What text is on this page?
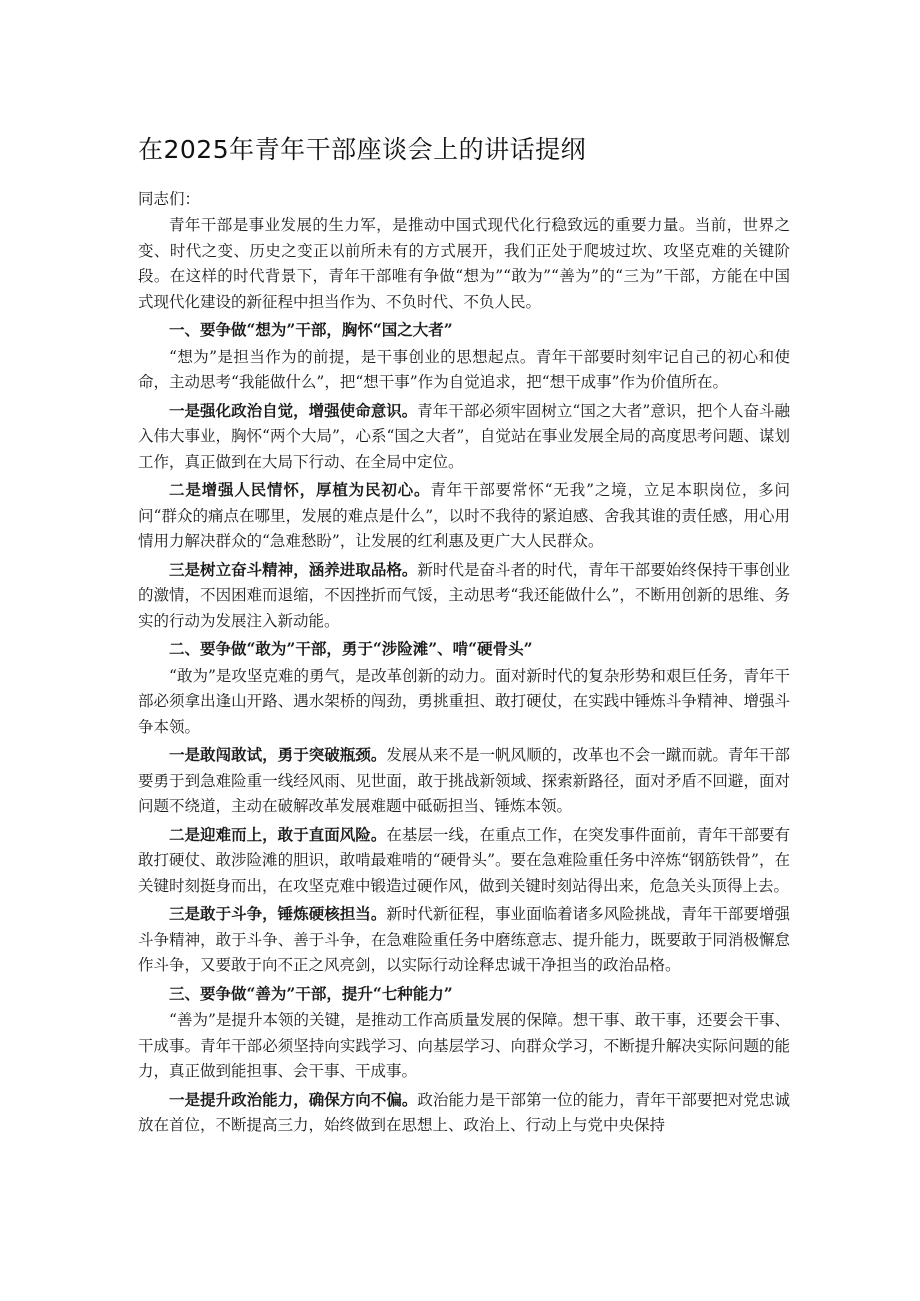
在2025年青年干部座谈会上的讲话提纲

同志们：

青年干部是事业发展的生力军，是推动中国式现代化行稳致远的重要力量。当前，世界之变、时代之变、历史之变正以前所未有的方式展开，我们正处于爬坡过坎、攻坚克难的关键阶段。在这样的时代背景下，青年干部唯有争做“想为”“敢为”“善为”的“三为”干部，方能在中国式现代化建设的新征程中担当作为、不负时代、不负人民。

一、要争做“想为”干部，胸怀“国之大者”

“想为”是担当作为的前提，是干事创业的思想起点。青年干部要时刻牢记自己的初心和使命，主动思考“我能做什么”，把“想干事”作为自觉追求，把“想干成事”作为价值所在。

一是强化政治自觉，增强使命意识。青年干部必须牢固树立“国之大者”意识，把个人奋斗融入伟大事业，胸怀“两个大局”，心系“国之大者”，自觉站在事业发展全局的高度思考问题、谋划工作，真正做到在大局下行动、在全局中定位。

二是增强人民情怀，厚植为民初心。青年干部要常怀“无我”之境，立足本职岗位，多问问“群众的痛点在哪里，发展的难点是什么”，以时不我待的紧迫感、舍我其谁的责任感，用心用情用力解决群众的“急难愁盼”，让发展的红利惠及更广大人民群众。

三是树立奋斗精神，涵养进取品格。新时代是奋斗者的时代，青年干部要始终保持干事创业的激情，不因困难而退缩，不因挫折而气馁，主动思考“我还能做什么”，不断用创新的思维、务实的行动为发展注入新动能。

二、要争做“敢为”干部，勇于“涉险滩”、啃“硬骨头”

“敢为”是攻坚克难的勇气，是改革创新的动力。面对新时代的复杂形势和艰巨任务，青年干部必须拿出逢山开路、遇水架桥的闯劲，勇挑重担、敢打硬仗，在实践中锤炼斗争精神、增强斗争本领。

一是敢闯敢试，勇于突破瓶颈。发展从来不是一帆风顺的，改革也不会一蹴而就。青年干部要勇于到急难险重一线经风雨、见世面，敢于挑战新领域、探索新路径，面对矛盾不回避，面对问题不绕道，主动在破解改革发展难题中砥砺担当、锤炼本领。

二是迎难而上，敢于直面风险。在基层一线，在重点工作，在突发事件面前，青年干部要有敢打硬仗、敢涉险滩的胆识，敢啃最难啃的“硬骨头”。要在急难险重任务中淬炼“钢筋铁骨”，在关键时刻挺身而出，在攻坚克难中锻造过硬作风，做到关键时刻站得出来，危急关头顶得上去。

三是敢于斗争，锤炼硬核担当。新时代新征程，事业面临着诸多风险挑战，青年干部要增强斗争精神，敢于斗争、善于斗争，在急难险重任务中磨练意志、提升能力，既要敢于同消极懈怠作斗争，又要敢于向不正之风亮剑，以实际行动诠释忠诚干净担当的政治品格。

三、要争做“善为”干部，提升“七种能力”

“善为”是提升本领的关键，是推动工作高质量发展的保障。想干事、敢干事，还要会干事、干成事。青年干部必须坚持向实践学习、向基层学习、向群众学习，不断提升解决实际问题的能力，真正做到能担事、会干事、干成事。

一是提升政治能力，确保方向不偏。政治能力是干部第一位的能力，青年干部要把对党忠诚放在首位，不断提高三力，始终做到在思想上、政治上、行动上与党中央保持
